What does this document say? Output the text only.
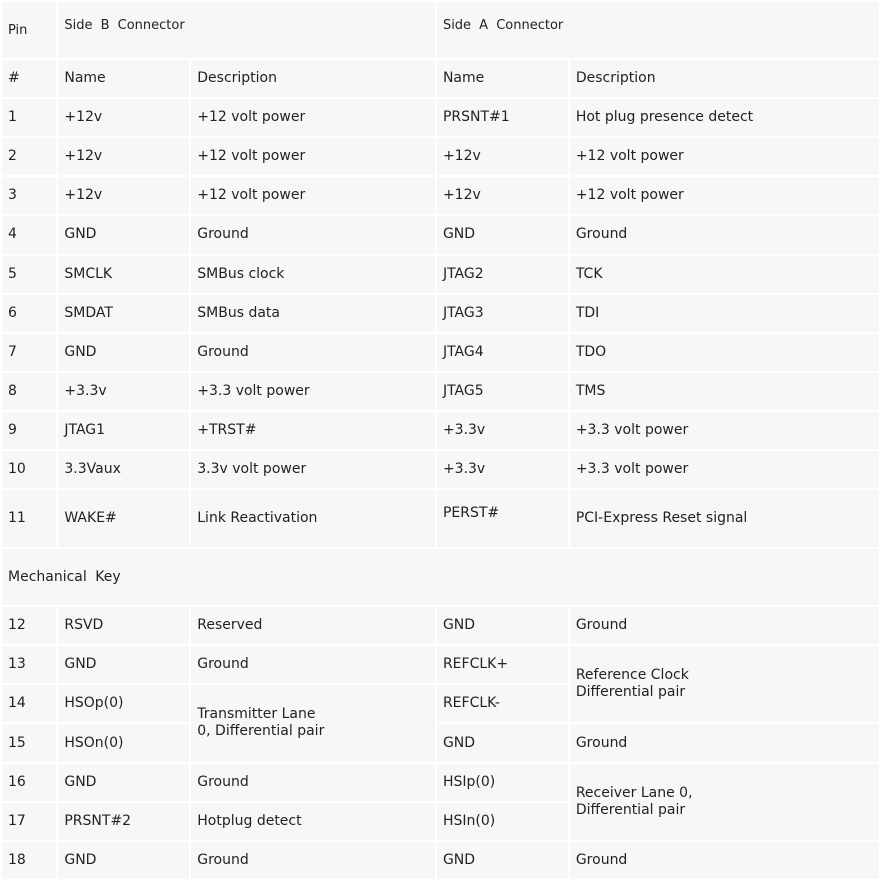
Pin	Side B Connector		Side A Connector	
#	Name	Description	Name	Description
1	+12v	+12 volt power	PRSNT#1	Hot plug presence detect
2	+12v	+12 volt power	+12v	+12 volt power
3	+12v	+12 volt power	+12v	+12 volt power
4	GND	Ground	GND	Ground
5	SMCLK	SMBus clock	JTAG2	TCK
6	SMDAT	SMBus data	JTAG3	TDI
7	GND	Ground	JTAG4	TDO
8	+3.3v	+3.3 volt power	JTAG5	TMS
9	JTAG1	+TRST#	+3.3v	+3.3 volt power
10	3.3Vaux	3.3v volt power	+3.3v	+3.3 volt power
11	WAKE#	Link Reactivation	PERST#	PCI-Express Reset signal
Mechanical Key				
12	RSVD	Reserved	GND	Ground
13	GND	Ground	REFCLK+	Reference Clock Differential pair
14	HSOp(0)	Transmitter Lane 0, Differential pair	REFCLK-	
15	HSOn(0)		GND	Ground
16	GND	Ground	HSIp(0)	Receiver Lane 0, Differential pair
17	PRSNT#2	Hotplug detect	HSIn(0)	
18	GND	Ground	GND	Ground
